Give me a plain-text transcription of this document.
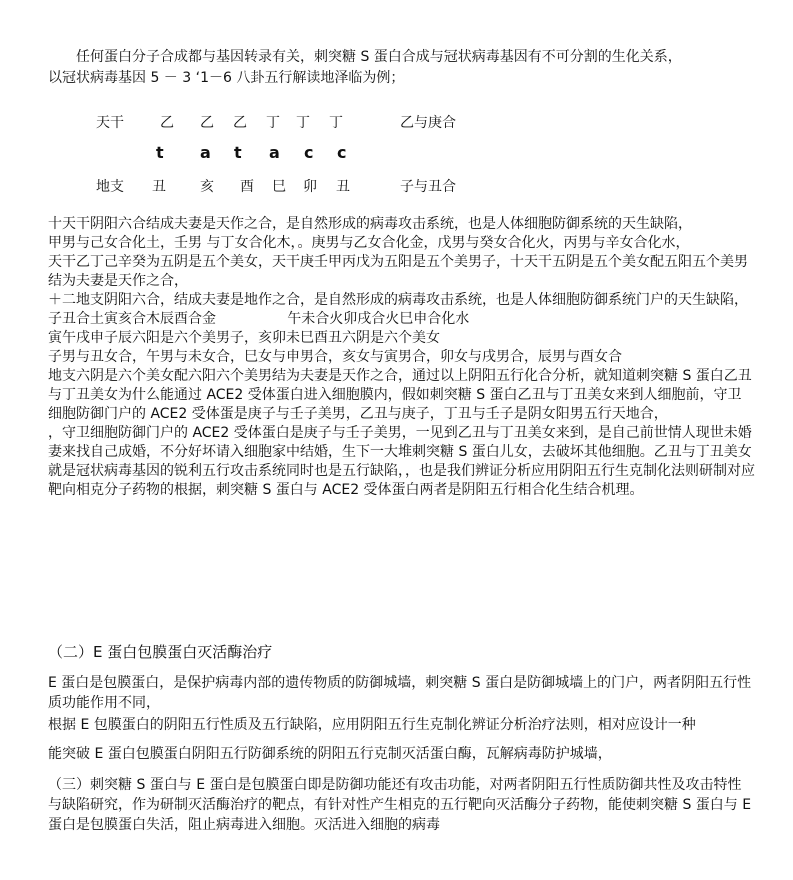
任何蛋白分子合成都与基因转录有关，刺突糖 S 蛋白合成与冠状病毒基因有不可分割的生化关系，

以冠状病毒基因 5 － 3 ‘1－6 八卦五行解读地泽临为例；

天干	乙 乙 乙 丁 丁 丁	乙与庚合
t a t a c c
地支 丑 亥 酉 巳 卯 丑	子与丑合

十天干阴阳六合结成夫妻是天作之合，是自然形成的病毒攻击系统，也是人体细胞防御系统的天生缺陷，

甲男与己女合化土，壬男 与丁女合化木，。庚男与乙女合化金，戊男与癸女合化火，丙男与辛女合化水，

天干乙丁己辛癸为五阴是五个美女，天干庚壬甲丙戊为五阳是五个美男子，十天干五阴是五个美女配五阳五个美男结为夫妻是天作之合，

＋二地支阴阳六合，结成夫妻是地作之合，是自然形成的病毒攻击系统，也是人体细胞防御系统门户的天生缺陷，

子丑合土寅亥合木辰酉合金                午未合火卯戌合火巳申合化水

寅午戌申子辰六阳是六个美男子，亥卯未巳酉丑六阴是六个美女

子男与丑女合，午男与未女合，巳女与申男合，亥女与寅男合，卯女与戌男合，辰男与酉女合

地支六阴是六个美女配六阳六个美男结为夫妻是天作之合，通过以上阴阳五行化合分析，就知道刺突糖 S 蛋白乙丑与丁丑美女为什么能通过 ACE2 受体蛋白进入细胞膜内，假如刺突糖 S 蛋白乙丑与丁丑美女来到人细胞前，守卫细胞防御门户的 ACE2 受体蛋是庚子与壬子美男，乙丑与庚子，丁丑与壬子是阴女阳男五行天地合，

，守卫细胞防御门户的 ACE2 受体蛋白是庚子与壬子美男，一见到乙丑与丁丑美女来到，是自己前世情人现世未婚妻来找自己成婚，不分好坏请入细胞家中结婚，生下一大堆刺突糖 S 蛋白儿女，去破坏其他细胞。乙丑与丁丑美女就是冠状病毒基因的锐利五行攻击系统同时也是五行缺陷，，也是我们辨证分析应用阴阳五行生克制化法则研制对应靶向相克分子药物的根据，刺突糖 S 蛋白与 ACE2 受体蛋白两者是阴阳五行相合化生结合机理。

（二）E 蛋白包膜蛋白灭活酶治疗

E 蛋白是包膜蛋白，是保护病毒内部的遗传物质的防御城墙，刺突糖 S 蛋白是防御城墙上的门户，两者阴阳五行性质功能作用不同，

根据 E 包膜蛋白的阴阳五行性质及五行缺陷，应用阴阳五行生克制化辨证分析治疗法则，相对应设计一种

能突破 E 蛋白包膜蛋白阴阳五行防御系统的阴阳五行克制灭活蛋白酶，瓦解病毒防护城墙，
（三）刺突糖 S 蛋白与 E 蛋白是包膜蛋白即是防御功能还有攻击功能，对两者阴阳五行性质防御共性及攻击特性与缺陷研究，作为研制灭活酶治疗的靶点，有针对性产生相克的五行靶向灭活酶分子药物，能使刺突糖 S 蛋白与 E 蛋白是包膜蛋白失活，阻止病毒进入细胞。灭活进入细胞的病毒
